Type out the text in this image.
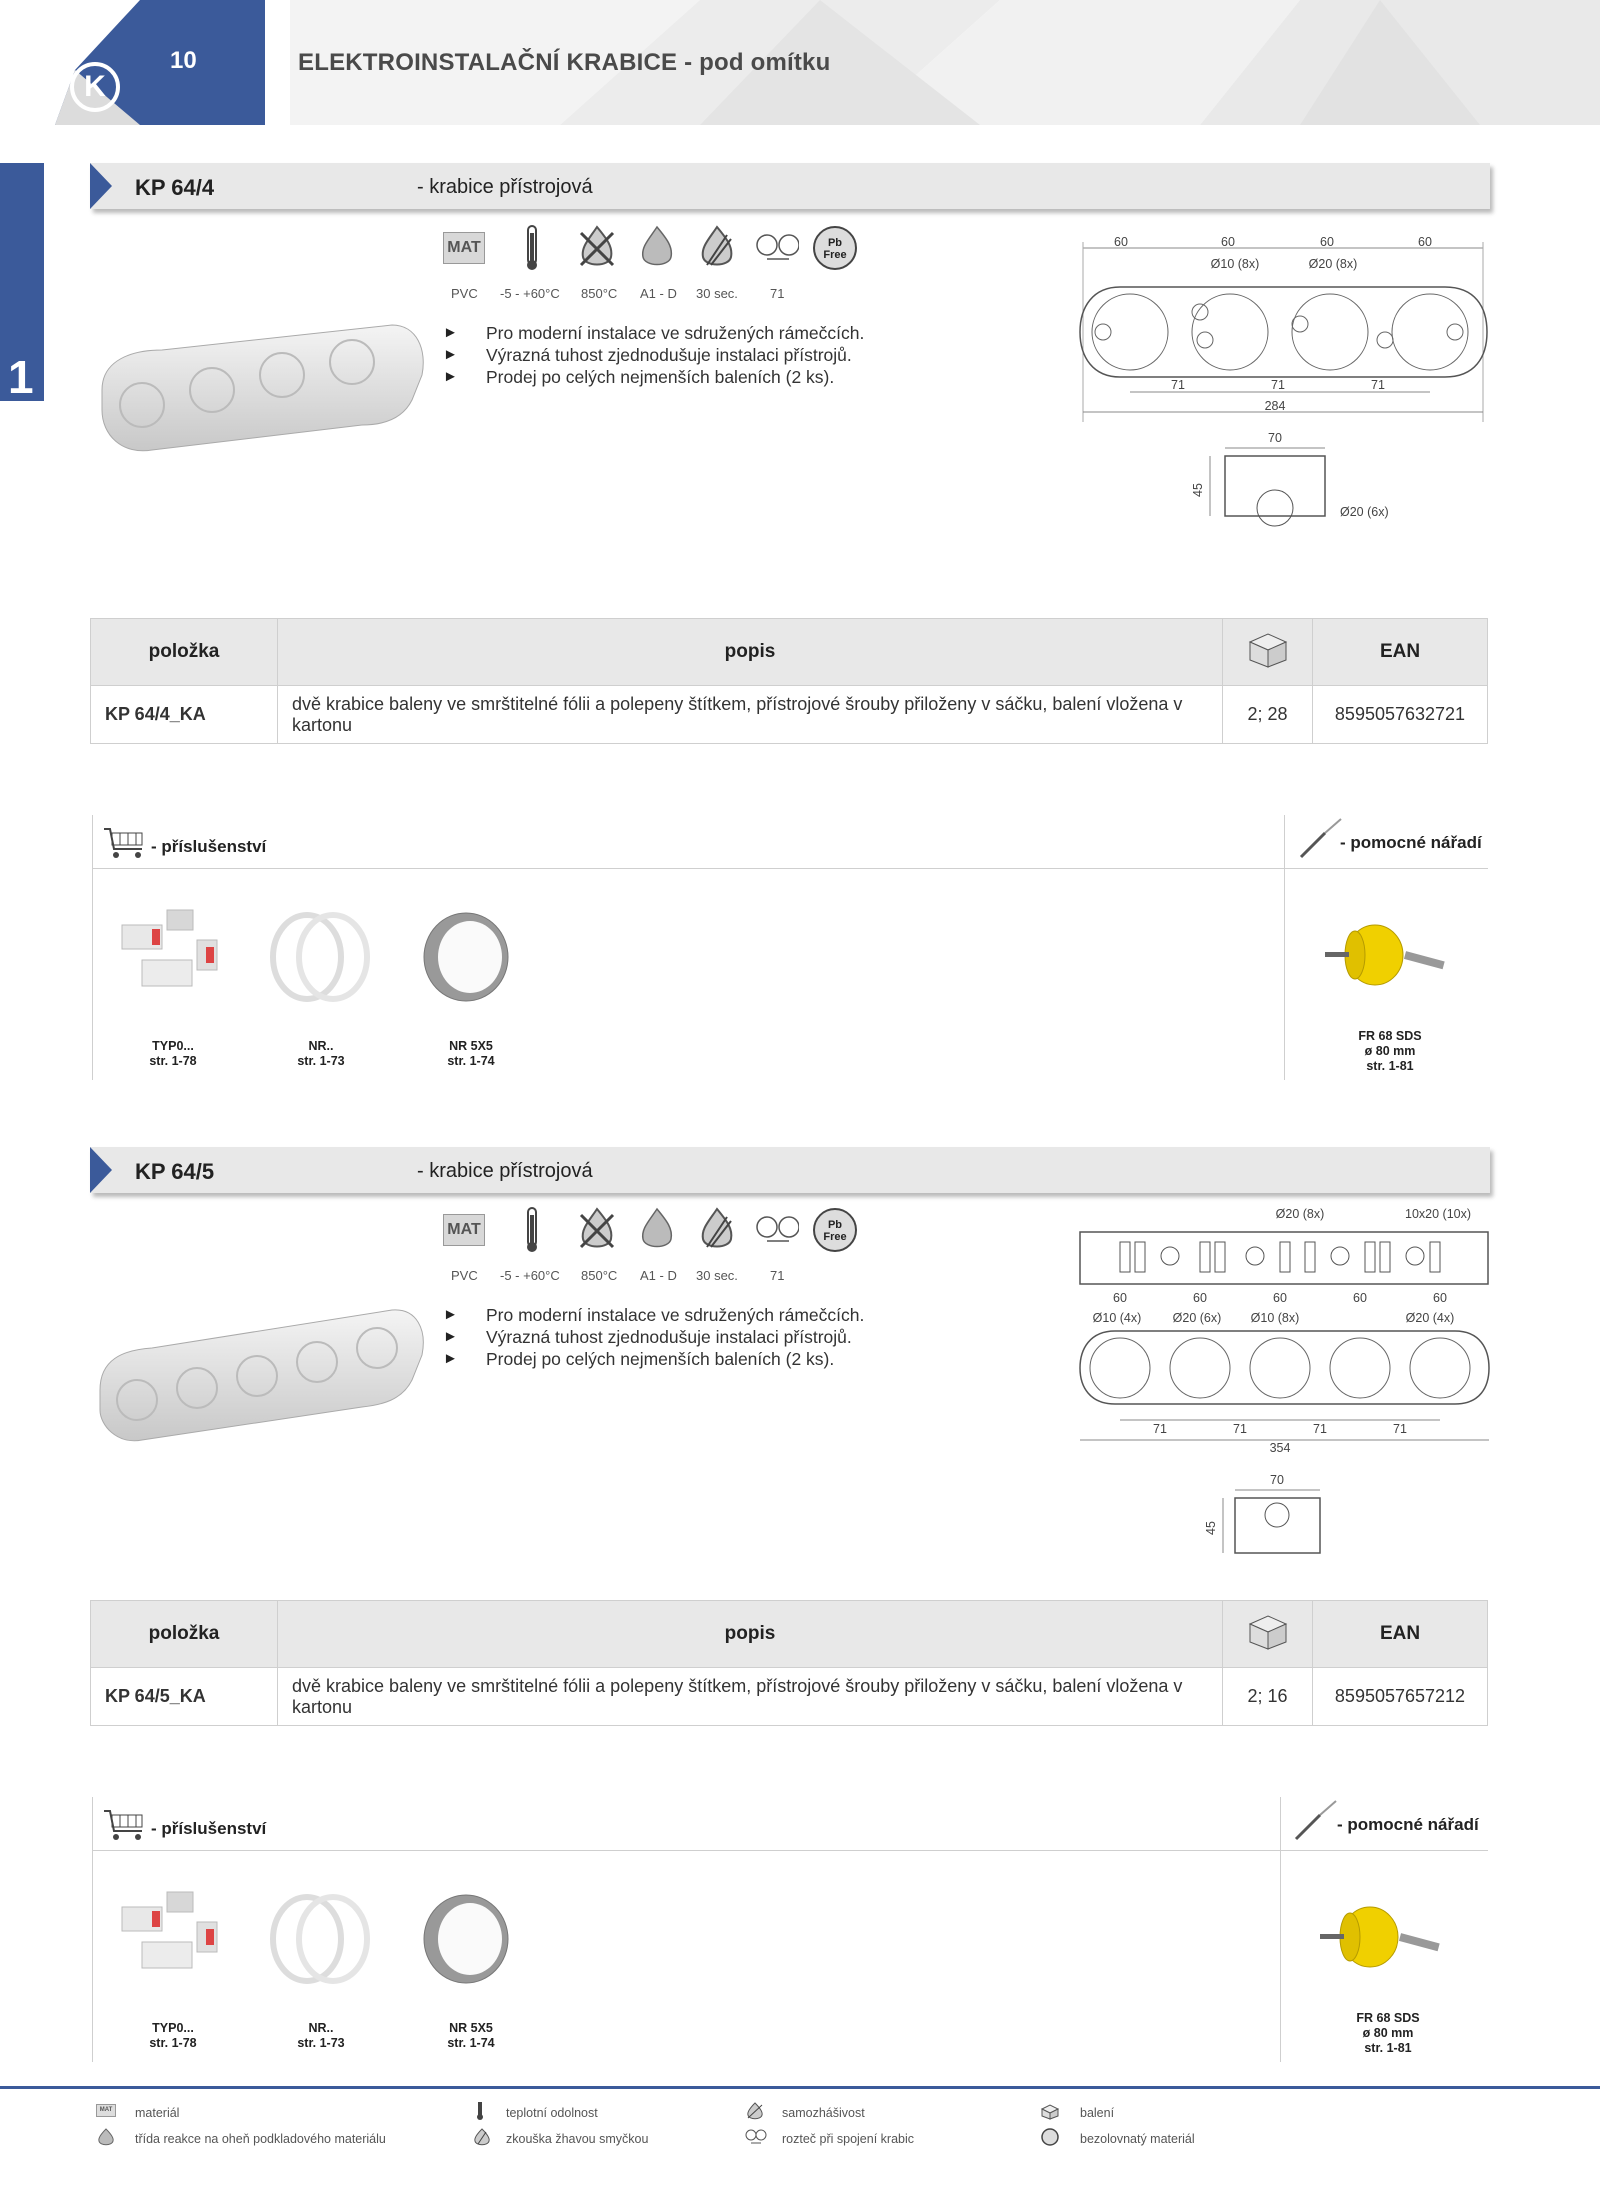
K
10	ELEKTROINSTALAČNÍ KRABICE - pod omítku
1
KP 64/4	- krabice přístrojová
MAT	Pb
Free
PVC -5 - +60°C 850°C A1 - D 30 sec. 71
► Pro moderní instalace ve sdružených rámečcích.
► Výrazná tuhost zjednodušuje instalaci přístrojů.
► Prodej po celých nejmenších baleních (2 ks).
60	60	60	60
Ø10 (8x)	Ø20 (8x)
71	71	71
284
70
45
Ø20 (6x)
položka	popis		EAN
KP 64/4_KA	dvě krabice baleny ve smrštitelné fólii a polepeny štítkem, přístrojové šrouby přiloženy v sáčku, balení vložena v kartonu	2; 28	8595057632721
- příslušenství	- pomocné nářadí
TYP0...
str. 1-78
NR..
str. 1-73
NR 5X5
str. 1-74
FR 68 SDS
ø 80 mm
str. 1-81
KP 64/5	- krabice přístrojová
MAT	Pb
Free
PVC -5 - +60°C 850°C A1 - D 30 sec. 71
► Pro moderní instalace ve sdružených rámečcích.
► Výrazná tuhost zjednodušuje instalaci přístrojů.
► Prodej po celých nejmenších baleních (2 ks).
Ø20 (8x)	10x20 (10x)
60	60	60	60	60
Ø10 (4x)	Ø20 (6x) Ø10 (8x)	Ø20 (4x)
71	71	71	71
354
70
45
položka	popis		EAN
KP 64/5_KA	dvě krabice baleny ve smrštitelné fólii a polepeny štítkem, přístrojové šrouby přiloženy v sáčku, balení vložena v kartonu	2; 16	8595057657212
- příslušenství	- pomocné nářadí
TYP0...
str. 1-78
NR..
str. 1-73
NR 5X5
str. 1-74
FR 68 SDS
ø 80 mm
str. 1-81
MAT materiál	teplotní odolnost	samozhášivost	balení
třída reakce na oheň podkladového materiálu	zkouška žhavou smyčkou	rozteč při spojení krabic	bezolovnatý materiál
